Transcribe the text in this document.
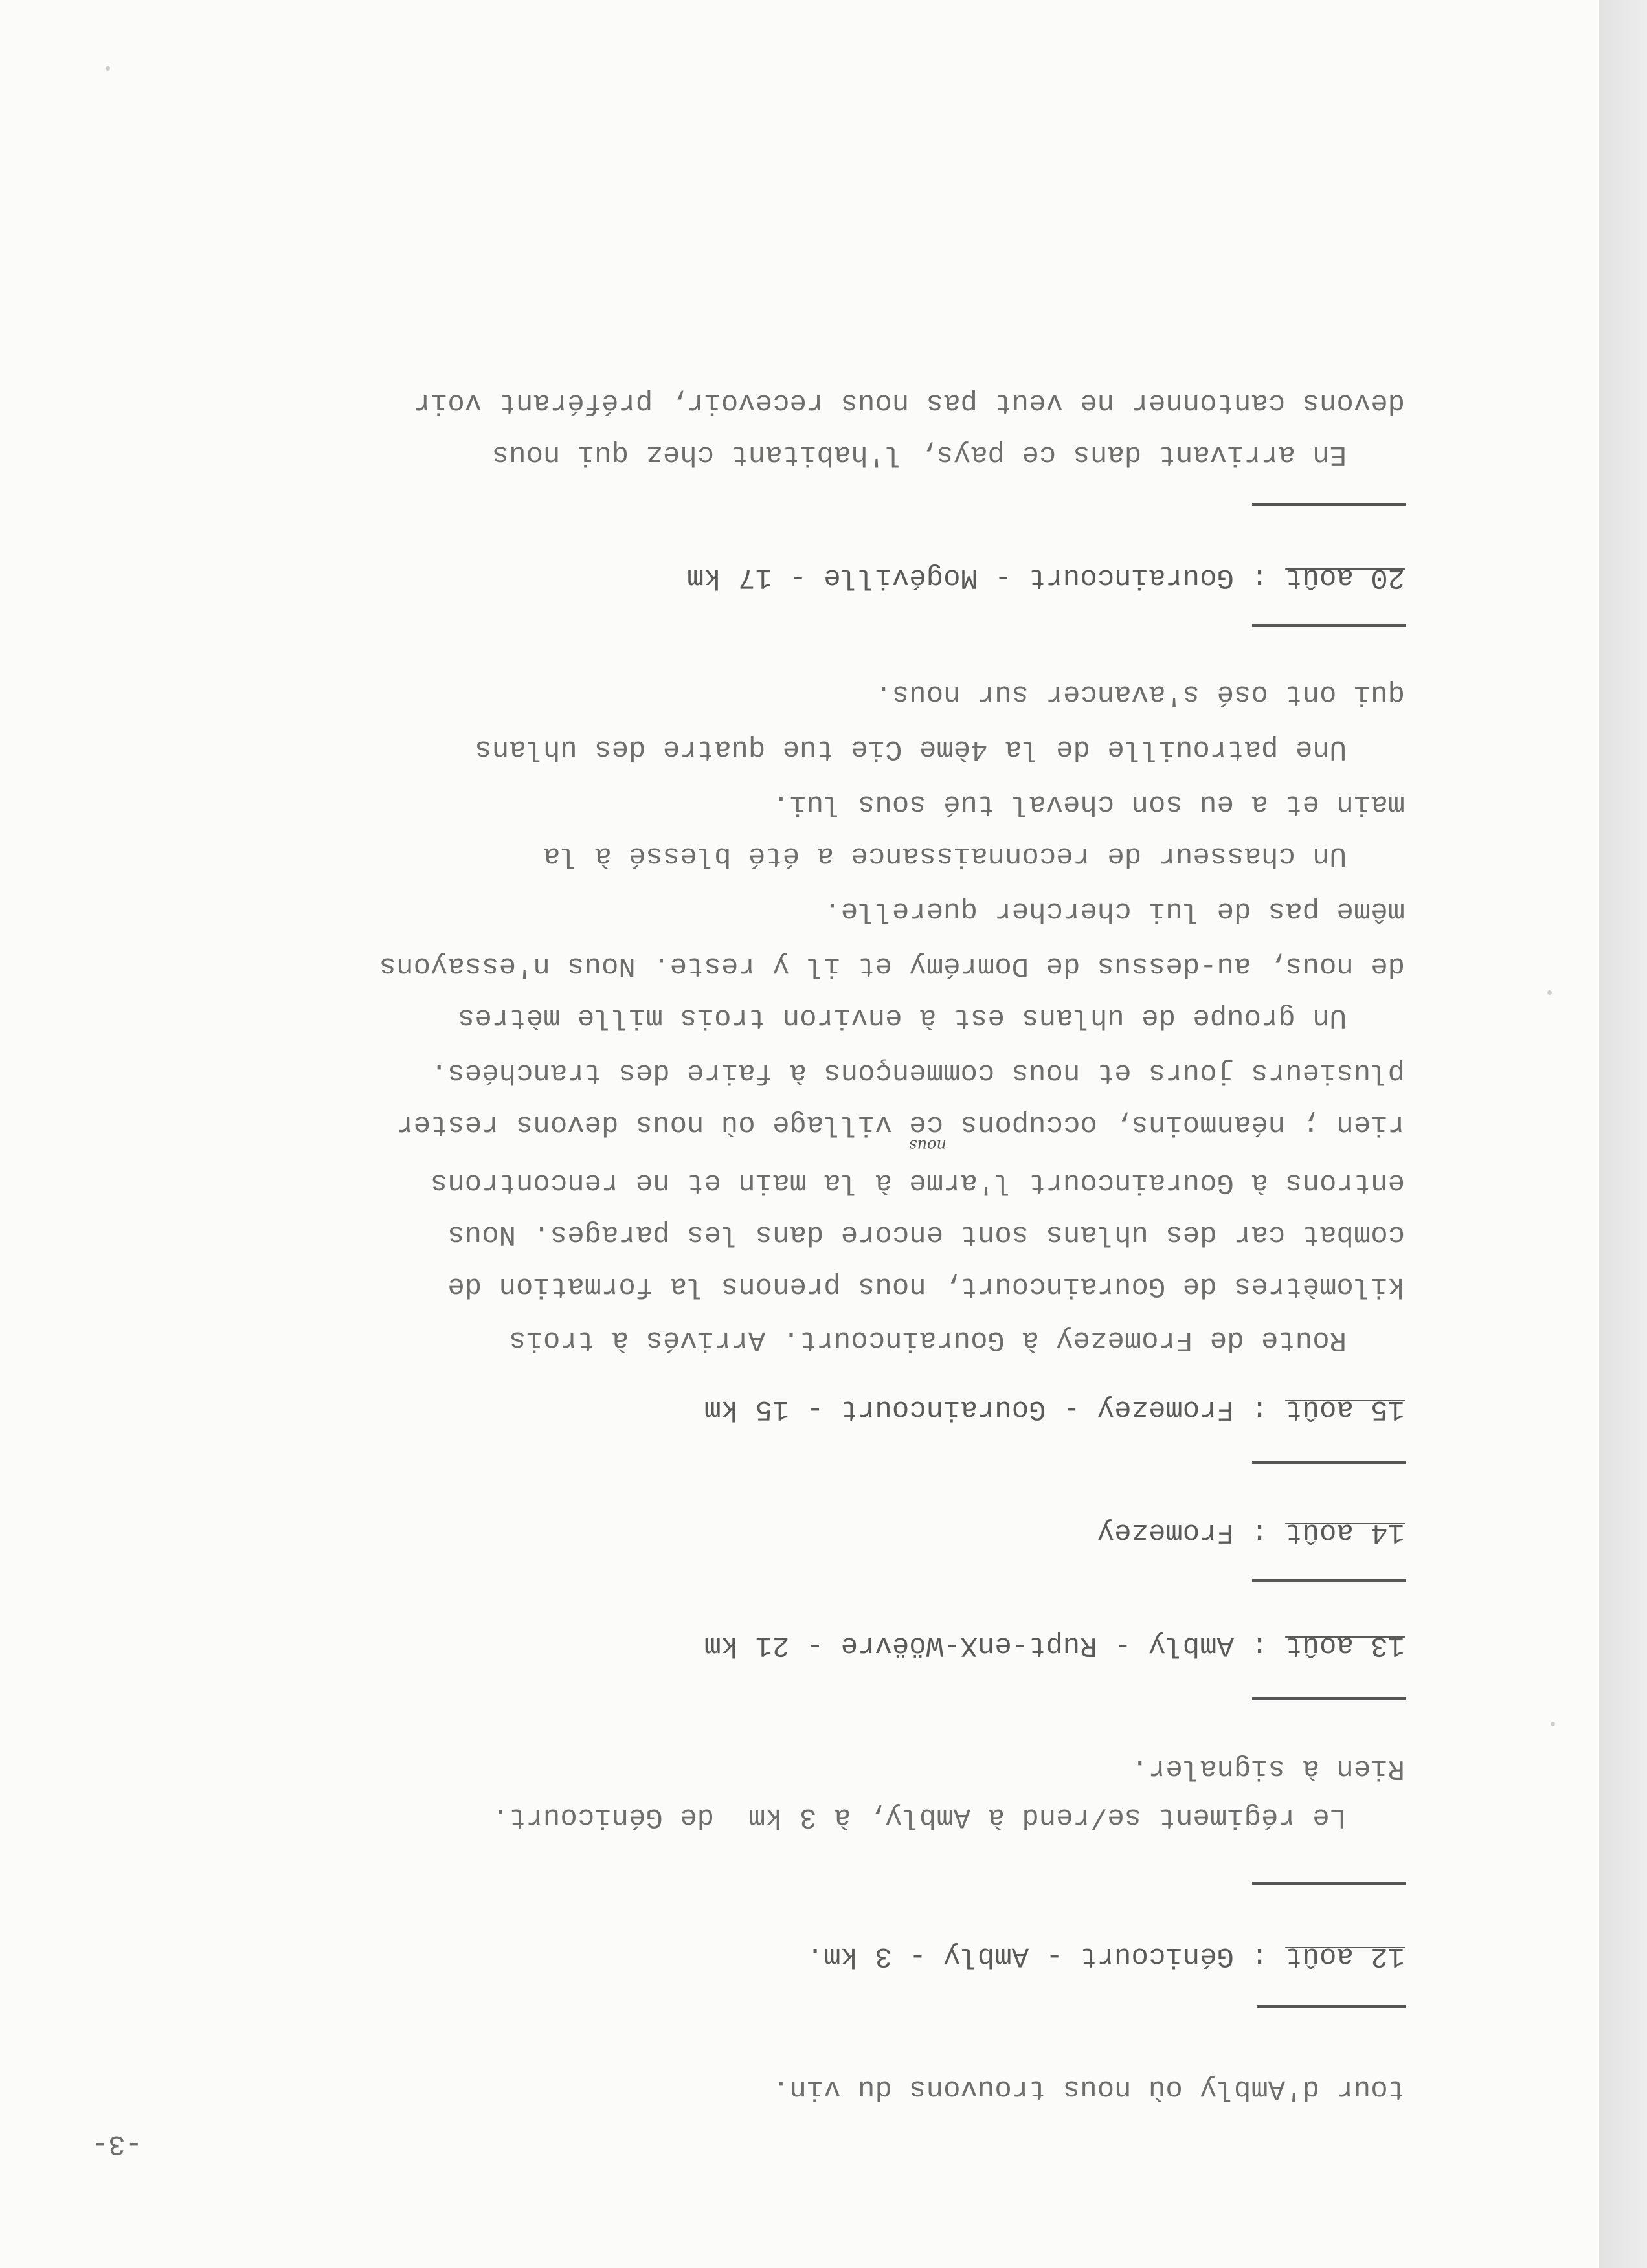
-3-
tour d'Ambly où nous trouvons du vin.
12 août : Génicourt - Ambly - 3 km.
Le régiment se/rend à Ambly, à 3 km  de Génicourt.
Rien à signaler.
13 août : Ambly - Rupt-enX-Wöëvre - 21 km
14 août : Fromezey
15 août : Fromezey - Gouraincourt - 15 km
Route de Fromezey à Gouraincourt. Arrivés à trois
kilomètres de Gouraincourt, nous prenons la formation de
combat car des uhlans sont encore dans les parages. Nous
entrons à Gouraincourt l'arme à la main et ne rencontrons
nous
rien ; néanmoins, occupons ce village où nous devons rester
plusieurs jours et nous commençons à faire des tranchées.
Un groupe de uhlans est à environ trois mille mètres
de nous, au-dessus de Domrémy et il y reste. Nous n'essayons
même pas de lui chercher querelle.
Un chasseur de reconnaissance a été blessé à la
main et a eu son cheval tué sous lui.
Une patrouille de la 4ème Cie tue quatre des uhlans
qui ont osé s'avancer sur nous.
20 août : Gouraincourt - Mogéville - 17 km
En arrivant dans ce pays, l'habitant chez qui nous
devons cantonner ne veut pas nous recevoir, préférant voir
